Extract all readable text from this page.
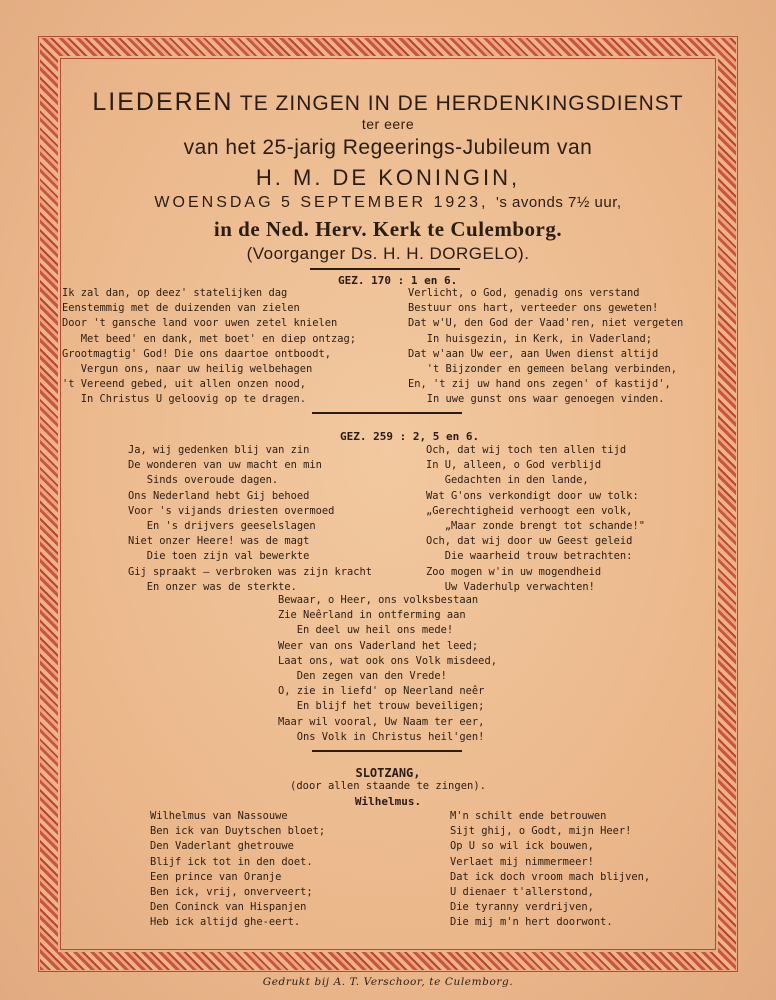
LIEDEREN TE ZINGEN IN DE HERDENKINGSDIENST
ter eere
van het 25-jarig Regeerings-Jubileum van
H. M. DE KONINGIN,
WOENSDAG 5 SEPTEMBER 1923, 's avonds 7½ uur,
in de Ned. Herv. Kerk te Culemborg.
(Voorganger Ds. H. H. DORGELO).
GEZ. 170 : 1 en 6.
Ik zal dan, op deez' statelijken dag
Eenstemmig met de duizenden van zielen
Door 't gansche land voor uwen zetel knielen
Met beed' en dank, met boet' en diep ontzag;
Grootmagtig' God! Die ons daartoe ontboodt,
Vergun ons, naar uw heilig welbehagen
't Vereend gebed, uit allen onzen nood,
In Christus U geloovig op te dragen.
Verlicht, o God, genadig ons verstand
Bestuur ons hart, verteeder ons geweten!
Dat w'U, den God der Vaad'ren, niet vergeten
In huisgezin, in Kerk, in Vaderland;
Dat w'aan Uw eer, aan Uwen dienst altijd
't Bijzonder en gemeen belang verbinden,
En, 't zij uw hand ons zegen' of kastijd',
In uwe gunst ons waar genoegen vinden.
GEZ. 259 : 2, 5 en 6.
Ja, wij gedenken blij van zin
De wonderen van uw macht en min
Sinds overoude dagen.
Ons Nederland hebt Gij behoed
Voor 's vijands driesten overmoed
En 's drijvers geeselslagen
Niet onzer Heere! was de magt
Die toen zijn val bewerkte
Gij spraakt — verbroken was zijn kracht
En onzer was de sterkte.
Och, dat wij toch ten allen tijd
In U, alleen, o God verblijd
Gedachten in den lande,
Wat G'ons verkondigt door uw tolk:
„Gerechtigheid verhoogt een volk,
„Maar zonde brengt tot schande!"
Och, dat wij door uw Geest geleid
Die waarheid trouw betrachten:
Zoo mogen w'in uw mogendheid
Uw Vaderhulp verwachten!
Bewaar, o Heer, ons volksbestaan
Zie Neêrland in ontferming aan
En deel uw heil ons mede!
Weer van ons Vaderland het leed;
Laat ons, wat ook ons Volk misdeed,
Den zegen van den Vrede!
O, zie in liefd' op Neerland neêr
En blijf het trouw beveiligen;
Maar wil vooral, Uw Naam ter eer,
Ons Volk in Christus heil'gen!
SLOTZANG,
(door allen staande te zingen).
Wilhelmus.
Wilhelmus van Nassouwe
Ben ick van Duytschen bloet;
Den Vaderlant ghetrouwe
Blijf ick tot in den doet.
Een prince van Oranje
Ben ick, vrij, onverveert;
Den Coninck van Hispanjen
Heb ick altijd ghe-eert.
M'n schilt ende betrouwen
Sijt ghij, o Godt, mijn Heer!
Op U so wil ick bouwen,
Verlaet mij nimmermeer!
Dat ick doch vroom mach blijven,
U dienaer t'allerstond,
Die tyranny verdrijven,
Die mij m'n hert doorwont.
Gedrukt bij A. T. Verschoor, te Culemborg.
